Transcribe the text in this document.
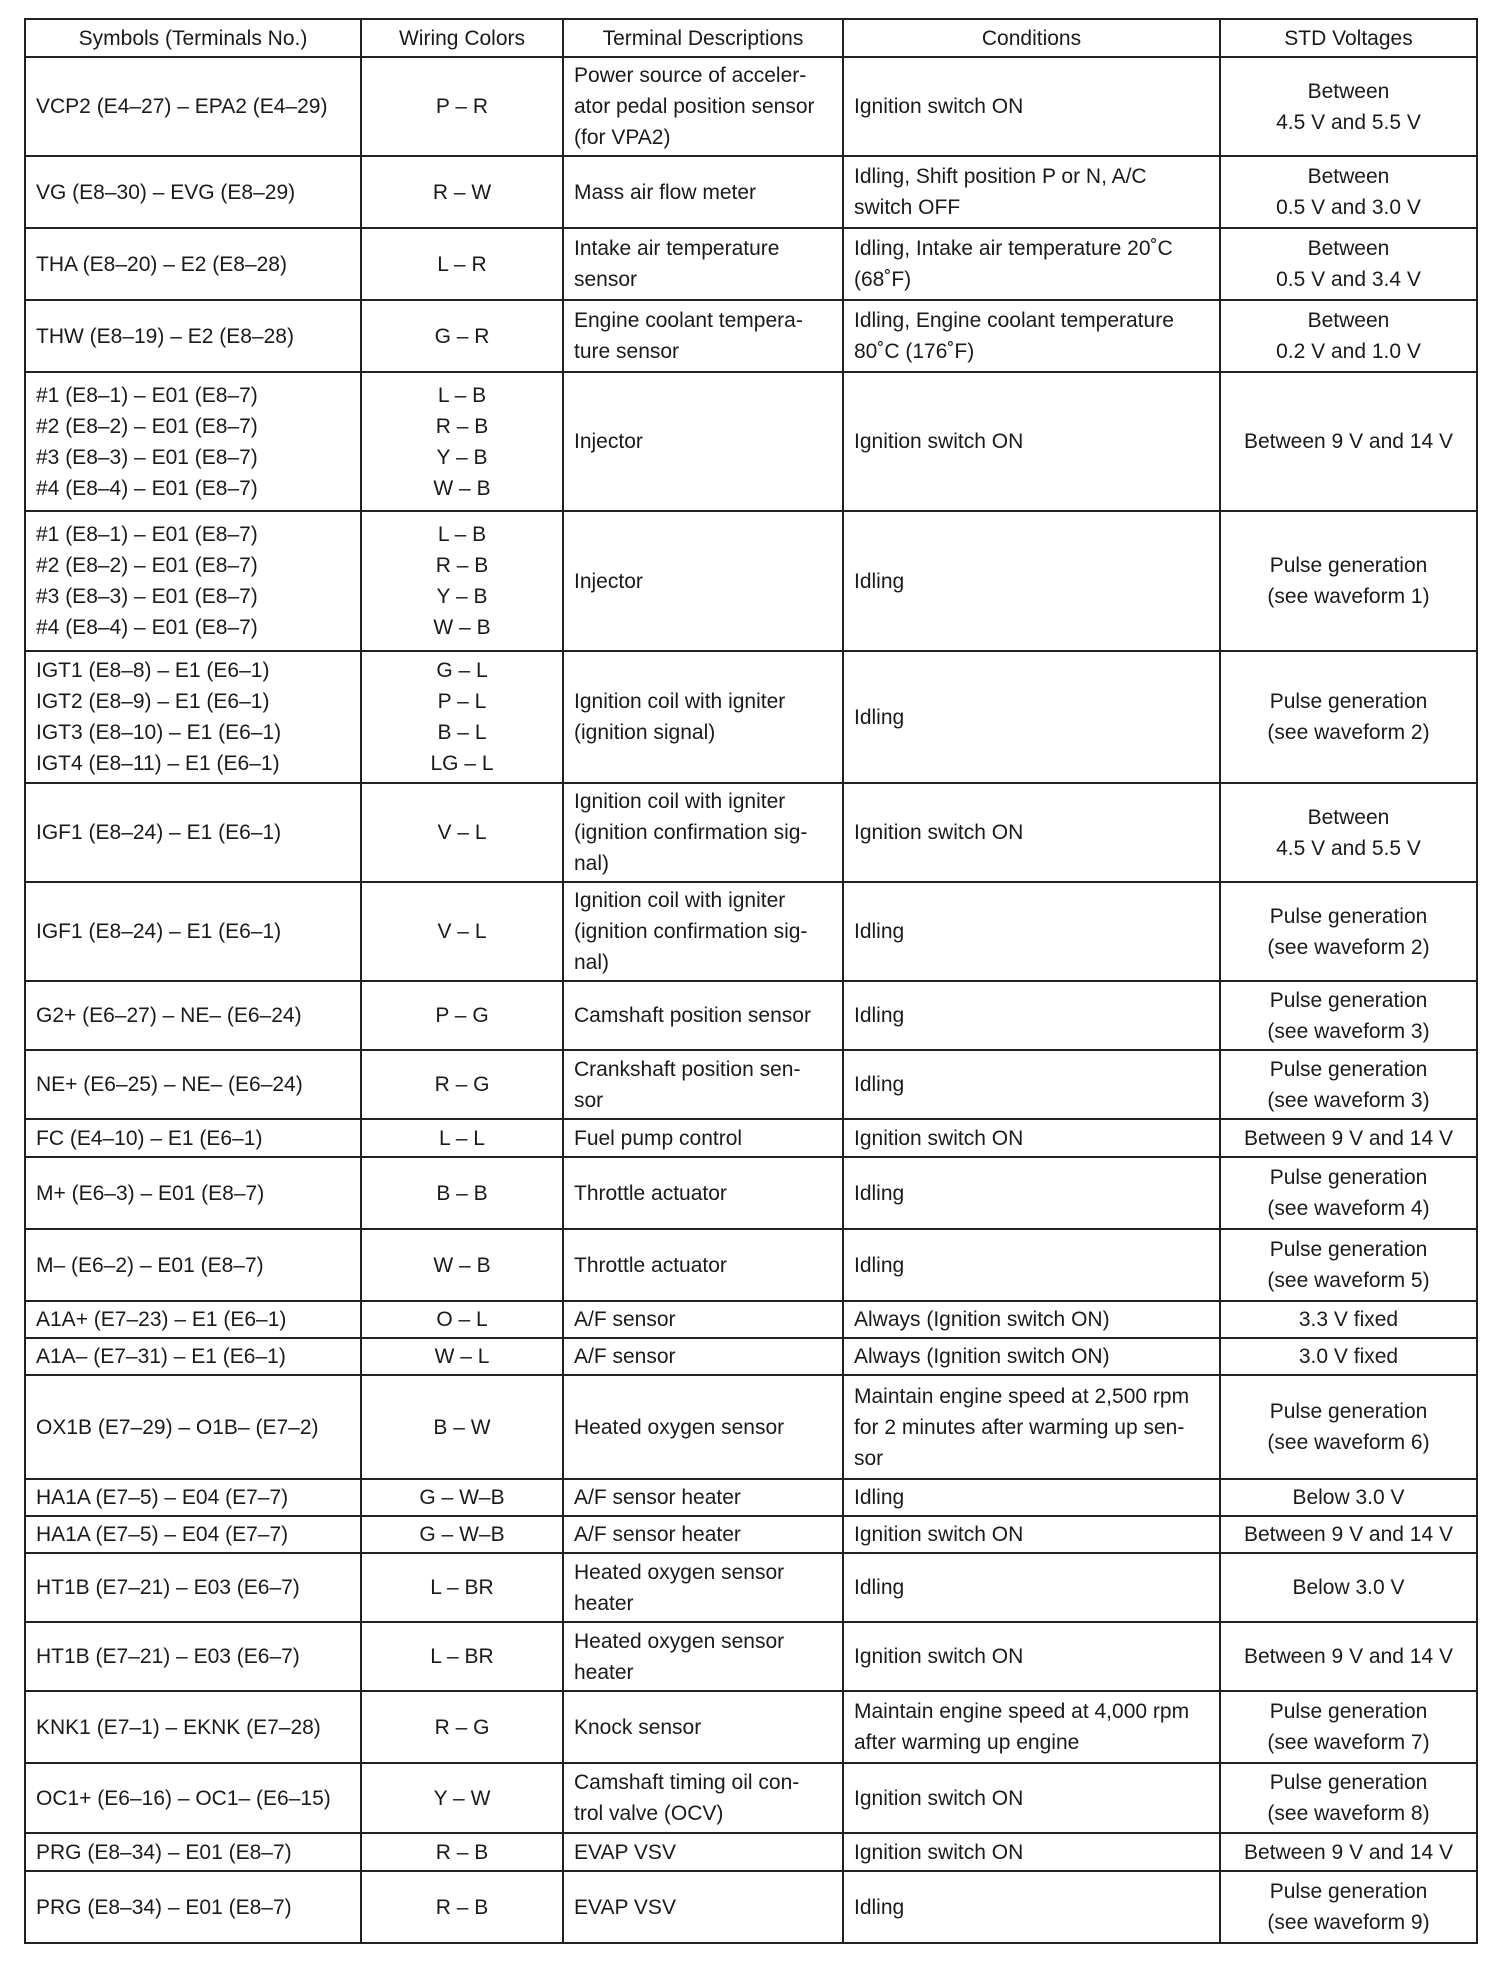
Symbols (Terminals No.)	Wiring Colors	Terminal Descriptions	Conditions	STD Voltages

VCP2 (E4–27) – EPA2 (E4–29)	P – R	Power source of acceler-
ator pedal position sensor
(for VPA2)	Ignition switch ON	Between
4.5 V and 5.5 V

VG (E8–30) – EVG (E8–29)	R – W	Mass air flow meter	Idling, Shift position P or N, A/C
switch OFF	Between
0.5 V and 3.0 V

THA (E8–20) – E2 (E8–28)	L – R	Intake air temperature
sensor	Idling, Intake air temperature 20˚C
(68˚F)	Between
0.5 V and 3.4 V

THW (E8–19) – E2 (E8–28)	G – R	Engine coolant tempera-
ture sensor	Idling, Engine coolant temperature
80˚C (176˚F)	Between
0.2 V and 1.0 V

#1 (E8–1) – E01 (E8–7)
#2 (E8–2) – E01 (E8–7)
#3 (E8–3) – E01 (E8–7)
#4 (E8–4) – E01 (E8–7)	L – B
R – B
Y – B
W – B	Injector	Ignition switch ON	Between 9 V and 14 V

#1 (E8–1) – E01 (E8–7)
#2 (E8–2) – E01 (E8–7)
#3 (E8–3) – E01 (E8–7)
#4 (E8–4) – E01 (E8–7)	L – B
R – B
Y – B
W – B	Injector	Idling	Pulse generation
(see waveform 1)

IGT1 (E8–8) – E1 (E6–1)
IGT2 (E8–9) – E1 (E6–1)
IGT3 (E8–10) – E1 (E6–1)
IGT4 (E8–11) – E1 (E6–1)	G – L
P – L
B – L
LG – L	Ignition coil with igniter
(ignition signal)	Idling	Pulse generation
(see waveform 2)

IGF1 (E8–24) – E1 (E6–1)	V – L	Ignition coil with igniter
(ignition confirmation sig-
nal)	Ignition switch ON	Between
4.5 V and 5.5 V

IGF1 (E8–24) – E1 (E6–1)	V – L	Ignition coil with igniter
(ignition confirmation sig-
nal)	Idling	Pulse generation
(see waveform 2)

G2+ (E6–27) – NE– (E6–24)	P – G	Camshaft position sensor	Idling	Pulse generation
(see waveform 3)

NE+ (E6–25) – NE– (E6–24)	R – G	Crankshaft position sen-
sor	Idling	Pulse generation
(see waveform 3)

FC (E4–10) – E1 (E6–1)	L – L	Fuel pump control	Ignition switch ON	Between 9 V and 14 V

M+ (E6–3) – E01 (E8–7)	B – B	Throttle actuator	Idling	Pulse generation
(see waveform 4)

M– (E6–2) – E01 (E8–7)	W – B	Throttle actuator	Idling	Pulse generation
(see waveform 5)

A1A+ (E7–23) – E1 (E6–1)	O – L	A/F sensor	Always (Ignition switch ON)	3.3 V fixed

A1A– (E7–31) – E1 (E6–1)	W – L	A/F sensor	Always (Ignition switch ON)	3.0 V fixed

OX1B (E7–29) – O1B– (E7–2)	B – W	Heated oxygen sensor	Maintain engine speed at 2,500 rpm
for 2 minutes after warming up sen-
sor	Pulse generation
(see waveform 6)

HA1A (E7–5) – E04 (E7–7)	G – W–B	A/F sensor heater	Idling	Below 3.0 V

HA1A (E7–5) – E04 (E7–7)	G – W–B	A/F sensor heater	Ignition switch ON	Between 9 V and 14 V

HT1B (E7–21) – E03 (E6–7)	L – BR	Heated oxygen sensor
heater	Idling	Below 3.0 V

HT1B (E7–21) – E03 (E6–7)	L – BR	Heated oxygen sensor
heater	Ignition switch ON	Between 9 V and 14 V

KNK1 (E7–1) – EKNK (E7–28)	R – G	Knock sensor	Maintain engine speed at 4,000 rpm
after warming up engine	Pulse generation
(see waveform 7)

OC1+ (E6–16) – OC1– (E6–15)	Y – W	Camshaft timing oil con-
trol valve (OCV)	Ignition switch ON	Pulse generation
(see waveform 8)

PRG (E8–34) – E01 (E8–7)	R – B	EVAP VSV	Ignition switch ON	Between 9 V and 14 V

PRG (E8–34) – E01 (E8–7)	R – B	EVAP VSV	Idling	Pulse generation
(see waveform 9)
